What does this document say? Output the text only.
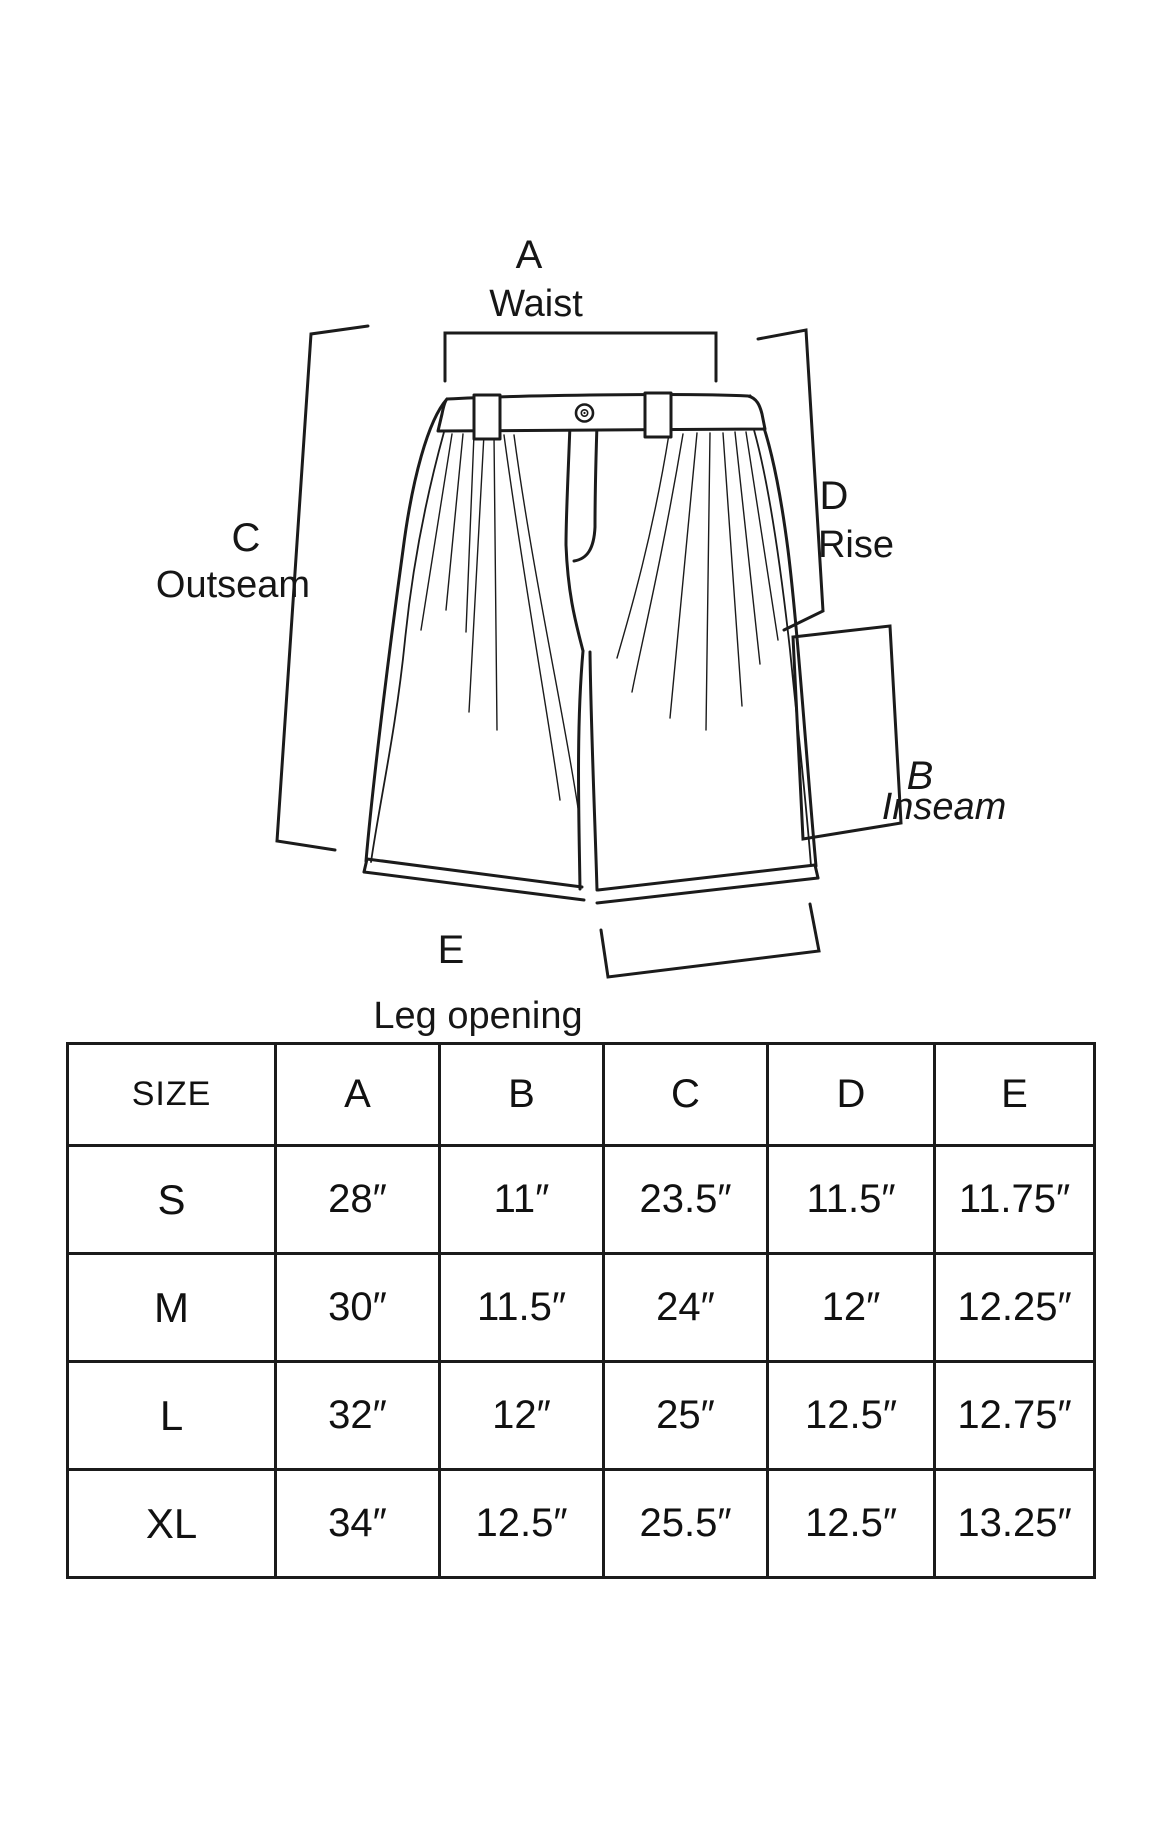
A
Waist
C
Outseam
D
Rise
B
Inseam
E
Leg opening
SIZE	A	B	C	D	E
S	28″	11″	23.5″	11.5″	11.75″
M	30″	11.5″	24″	12″	12.25″
L	32″	12″	25″	12.5″	12.75″
XL	34″	12.5″	25.5″	12.5″	13.25″
